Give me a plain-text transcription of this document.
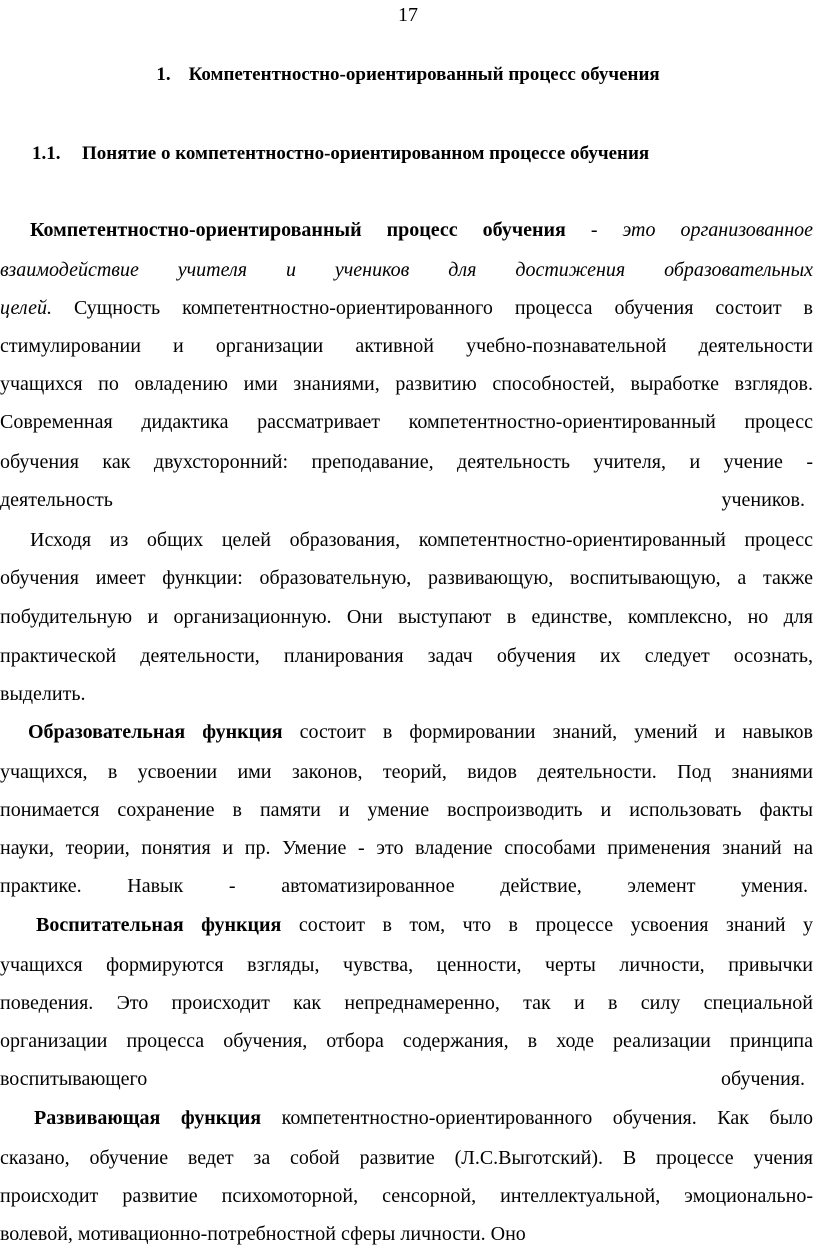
17
1. Компетентностно-ориентированный процесс обучения
1.1. Понятие о компетентностно-ориентированном процессе обучения
Компетентностно-ориентированный процесс обучения - это организованное
взаимодействие учителя и учеников для достижения образовательных
целей. Сущность компетентностно-ориентированного процесса обучения состоит в
стимулировании и организации активной учебно-познавательной деятельности
учащихся по овладению ими знаниями, развитию способностей, выработке взглядов.
Современная дидактика рассматривает компетентностно-ориентированный процесс
обучения как двухсторонний: преподавание, деятельность учителя, и учение -
деятельность	учеников.
Исходя из общих целей образования, компетентностно-ориентированный процесс
обучения имеет функции: образовательную, развивающую, воспитывающую, а также
побудительную и организационную. Они выступают в единстве, комплексно, но для
практической деятельности, планирования задач обучения их следует осознать,
выделить.
Образовательная функция состоит в формировании знаний, умений и навыков
учащихся, в усвоении ими законов, теорий, видов деятельности. Под знаниями
понимается сохранение в памяти и умение воспроизводить и использовать факты
науки, теории, понятия и пр. Умение - это владение способами применения знаний на
практике. Навык - автоматизированное действие, элемент умения.
Воспитательная функция состоит в том, что в процессе усвоения знаний у
учащихся формируются взгляды, чувства, ценности, черты личности, привычки
поведения. Это происходит как непреднамеренно, так и в силу специальной
организации процесса обучения, отбора содержания, в ходе реализации принципа
воспитывающего	обучения.
Развивающая функция компетентностно-ориентированного обучения. Как было
сказано, обучение ведет за собой развитие (Л.С.Выготский). В процессе учения
происходит развитие психомоторной, сенсорной, интеллектуальной, эмоционально-
волевой, мотивационно-потребностной сферы личности. Оно
